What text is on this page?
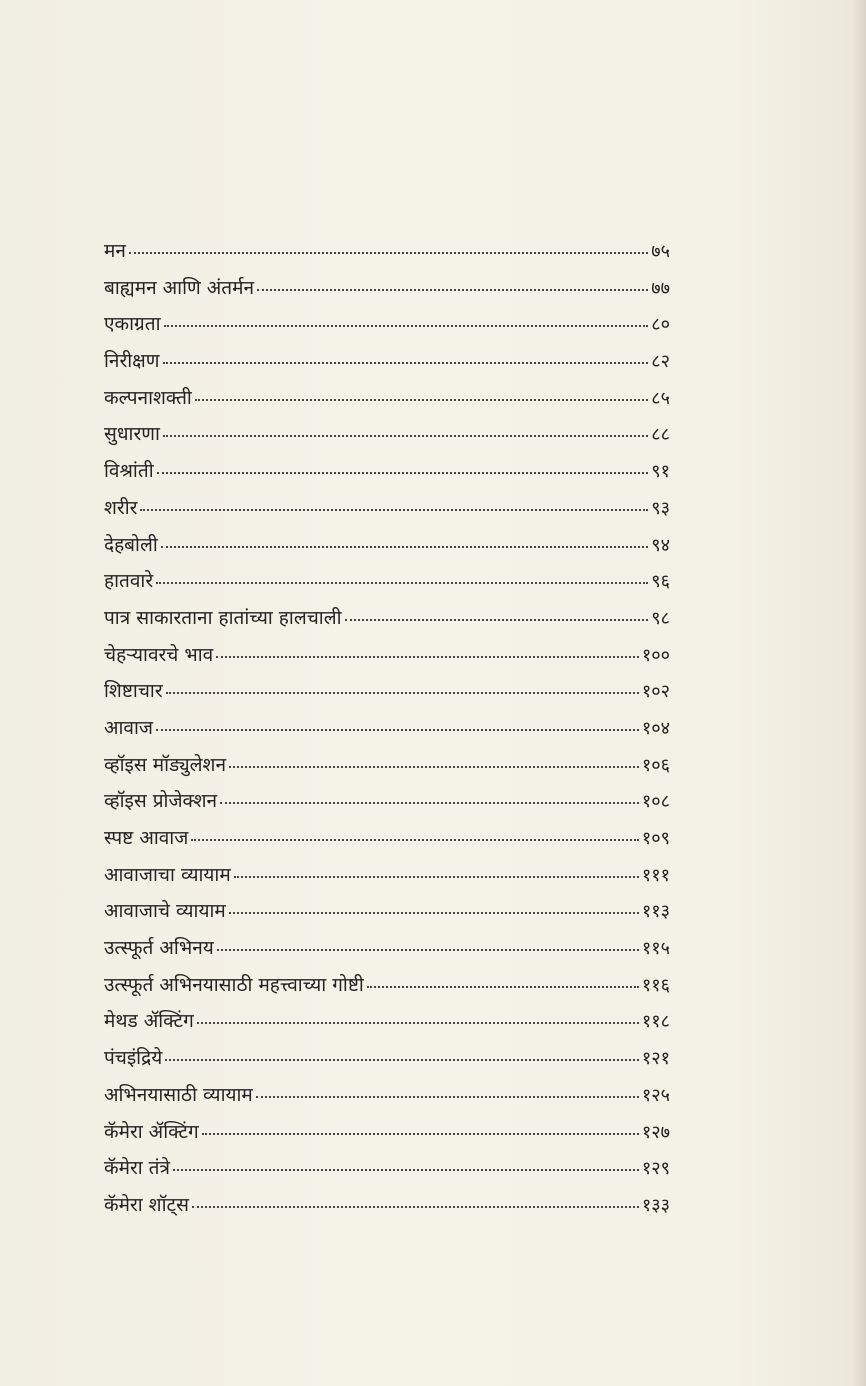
मन	७५
बाह्यमन आणि अंतर्मन	७७
एकाग्रता	८०
निरीक्षण	८२
कल्पनाशक्ती	८५
सुधारणा	८८
विश्रांती	९१
शरीर	९३
देहबोली	९४
हातवारे	९६
पात्र साकारताना हातांच्या हालचाली	९८
चेहऱ्यावरचे भाव	१००
शिष्टाचार	१०२
आवाज	१०४
व्हॉइस मॉड्युलेशन	१०६
व्हॉइस प्रोजेक्शन	१०८
स्पष्ट आवाज	१०९
आवाजाचा व्यायाम	१११
आवाजाचे व्यायाम	११३
उत्स्फूर्त अभिनय	११५
उत्स्फूर्त अभिनयासाठी महत्त्वाच्या गोष्टी	११६
मेथड ॲक्टिंग	११८
पंचइंद्रिये	१२१
अभिनयासाठी व्यायाम	१२५
कॅमेरा ॲक्टिंग	१२७
कॅमेरा तंत्रे	१२९
कॅमेरा शॉट्स	१३३
